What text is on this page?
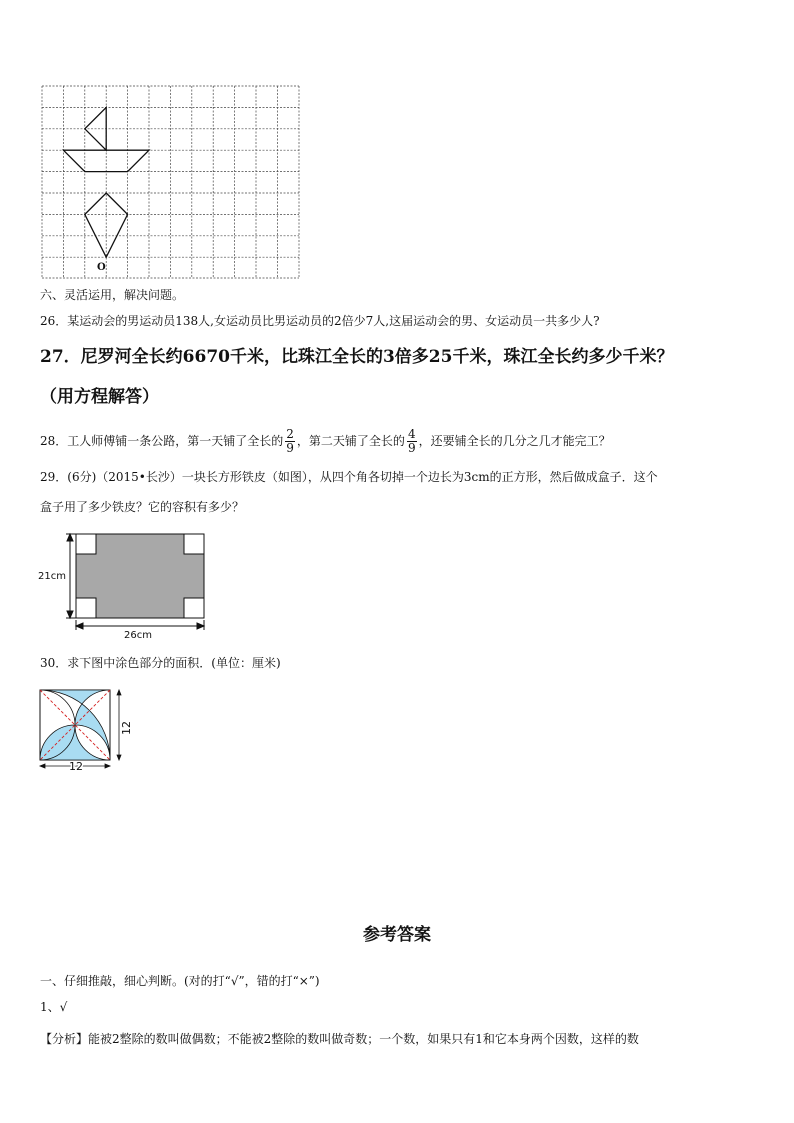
O
六、灵活运用，解决问题。
26．某运动会的男运动员138人,女运动员比男运动员的2倍少7人,这届运动会的男、女运动员一共多少人?
27．尼罗河全长约6670千米，比珠江全长的3倍多25千米，珠江全长约多少千米？
（用方程解答）
28．工人师傅铺一条公路，第一天铺了全长的 $\frac{2}{9}$ ，第二天铺了全长的 $\frac{4}{9}$ ，还要铺全长的几分之几才能完工？
29．(6分)（2015•长沙）一块长方形铁皮（如图），从四个角各切掉一个边长为3cm的正方形，然后做成盒子．这个
盒子用了多少铁皮？它的容积有多少？
21cm
26cm
30．求下图中涂色部分的面积．(单位：厘米)
12
12
参考答案
一、仔细推敲，细心判断。(对的打“√”，错的打“×”)
1、√
【分析】能被2整除的数叫做偶数；不能被2整除的数叫做奇数；一个数，如果只有1和它本身两个因数，这样的数
